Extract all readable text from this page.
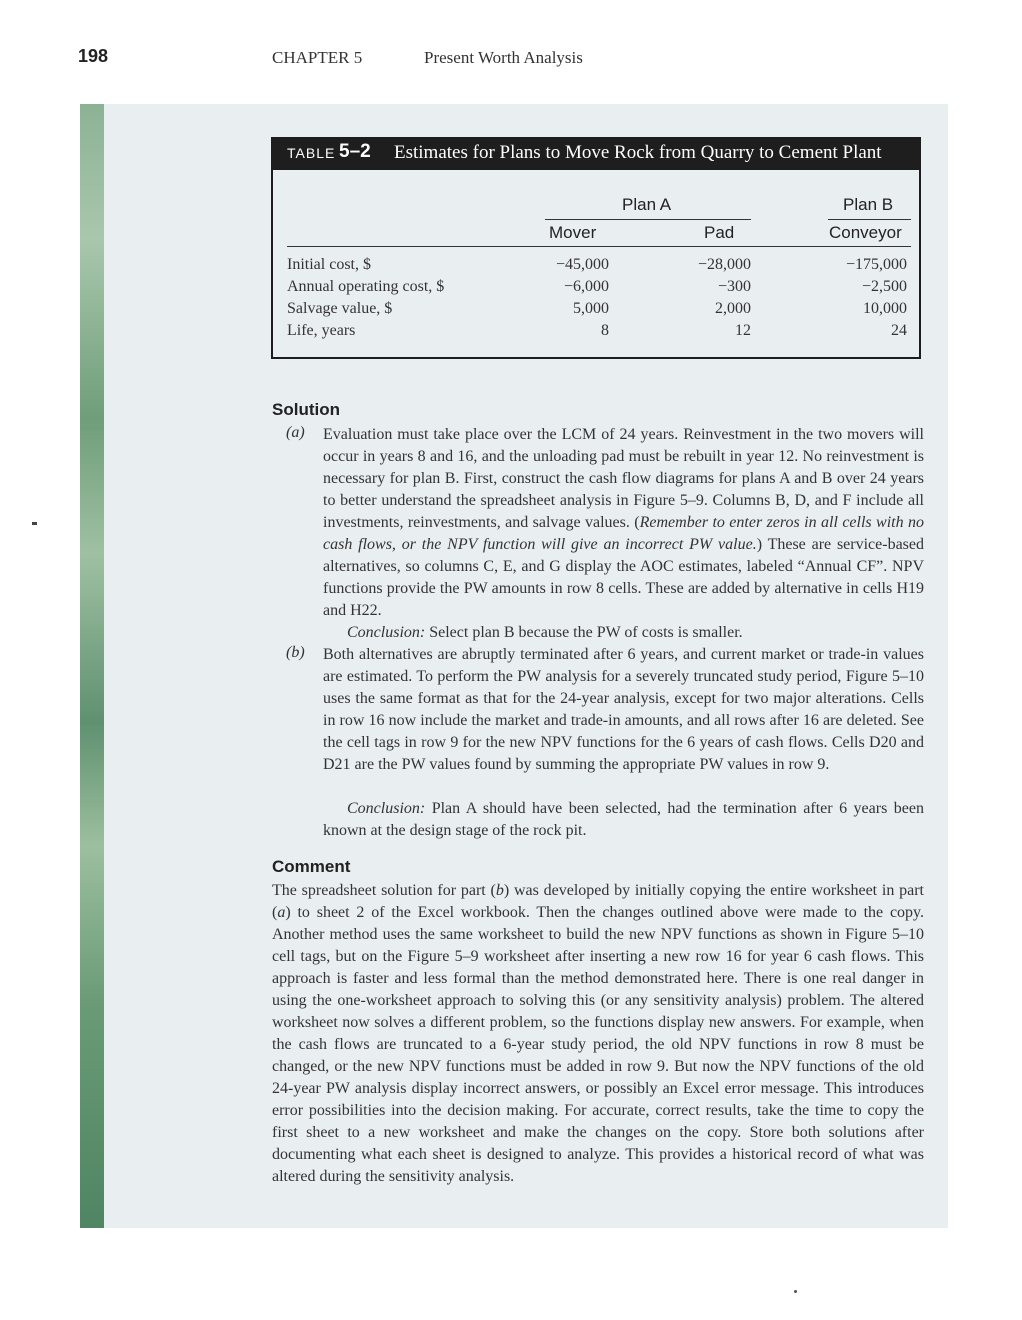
198	CHAPTER 5	Present Worth Analysis
TABLE 5–2 Estimates for Plans to Move Rock from Quarry to Cement Plant
Plan A	Plan B
Mover	Pad	Conveyor
Initial cost, $	−45,000	−28,000	−175,000
Annual operating cost, $	−6,000	−300	−2,500
Salvage value, $	5,000	2,000	10,000
Life, years	8	12	24
Solution
(a) Evaluation must take place over the LCM of 24 years. Reinvestment in the two movers will occur in years 8 and 16, and the unloading pad must be rebuilt in year 12. No reinvestment is necessary for plan B. First, construct the cash flow diagrams for plans A and B over 24 years to better understand the spreadsheet analysis in Figure 5–9. Columns B, D, and F include all investments, reinvestments, and salvage values. (Remember to enter zeros in all cells with no cash flows, or the NPV function will give an incorrect PW value.) These are service-based alternatives, so columns C, E, and G display the AOC estimates, labeled “Annual CF”. NPV functions provide the PW amounts in row 8 cells. These are added by alternative in cells H19 and H22.

Conclusion: Select plan B because the PW of costs is smaller.

(b) Both alternatives are abruptly terminated after 6 years, and current market or trade-in values are estimated. To perform the PW analysis for a severely truncated study period, Figure 5–10 uses the same format as that for the 24-year analysis, except for two major alterations. Cells in row 16 now include the market and trade-in amounts, and all rows after 16 are deleted. See the cell tags in row 9 for the new NPV functions for the 6 years of cash flows. Cells D20 and D21 are the PW values found by summing the appropriate PW values in row 9.

Conclusion: Plan A should have been selected, had the termination after 6 years been known at the design stage of the rock pit.

Comment

The spreadsheet solution for part (b) was developed by initially copying the entire worksheet in part (a) to sheet 2 of the Excel workbook. Then the changes outlined above were made to the copy. Another method uses the same worksheet to build the new NPV functions as shown in Figure 5–10 cell tags, but on the Figure 5–9 worksheet after inserting a new row 16 for year 6 cash flows. This approach is faster and less formal than the method demonstrated here. There is one real danger in using the one-worksheet approach to solving this (or any sensitivity analysis) problem. The altered worksheet now solves a different problem, so the functions display new answers. For example, when the cash flows are truncated to a 6-year study period, the old NPV functions in row 8 must be changed, or the new NPV functions must be added in row 9. But now the NPV functions of the old 24-year PW analysis display incorrect answers, or possibly an Excel error message. This introduces error possibilities into the decision making. For accurate, correct results, take the time to copy the first sheet to a new worksheet and make the changes on the copy. Store both solutions after documenting what each sheet is designed to analyze. This provides a historical record of what was altered during the sensitivity analysis.
